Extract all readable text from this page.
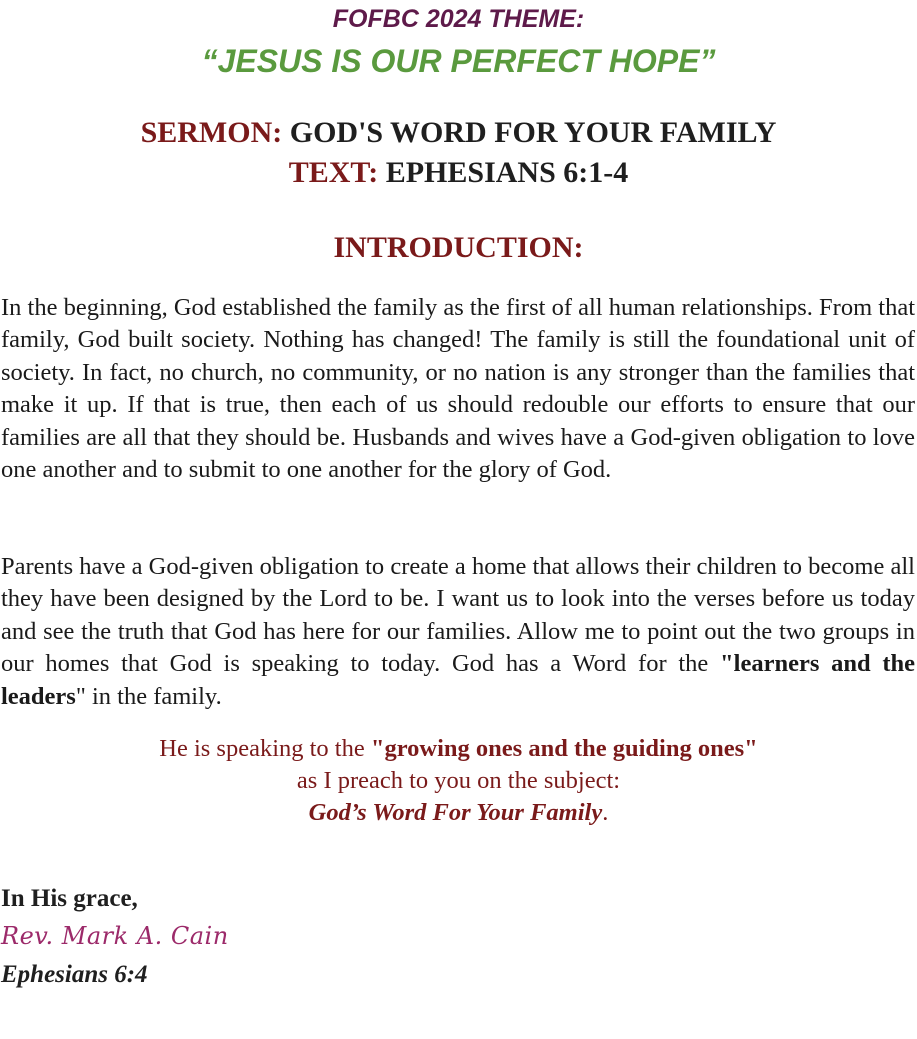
FOFBC 2024 THEME:
“JESUS IS OUR PERFECT HOPE”
SERMON: GOD'S WORD FOR YOUR FAMILY
TEXT: EPHESIANS 6:1-4
INTRODUCTION:

In the beginning, God established the family as the first of all human relationships. From that family, God built society. Nothing has changed! The family is still the foundational unit of society. In fact, no church, no community, or no nation is any stronger than the families that make it up. If that is true, then each of us should redouble our efforts to ensure that our families are all that they should be. Husbands and wives have a God-given obligation to love one another and to submit to one another for the glory of God.

Parents have a God-given obligation to create a home that allows their children to become all they have been designed by the Lord to be. I want us to look into the verses before us today and see the truth that God has here for our families. Allow me to point out the two groups in our homes that God is speaking to today. God has a Word for the "learners and the leaders" in the family.

He is speaking to the "growing ones and the guiding ones"
as I preach to you on the subject:
God’s Word For Your Family.
In His grace,
Rev. Mark A. Cain
Ephesians 6:4
